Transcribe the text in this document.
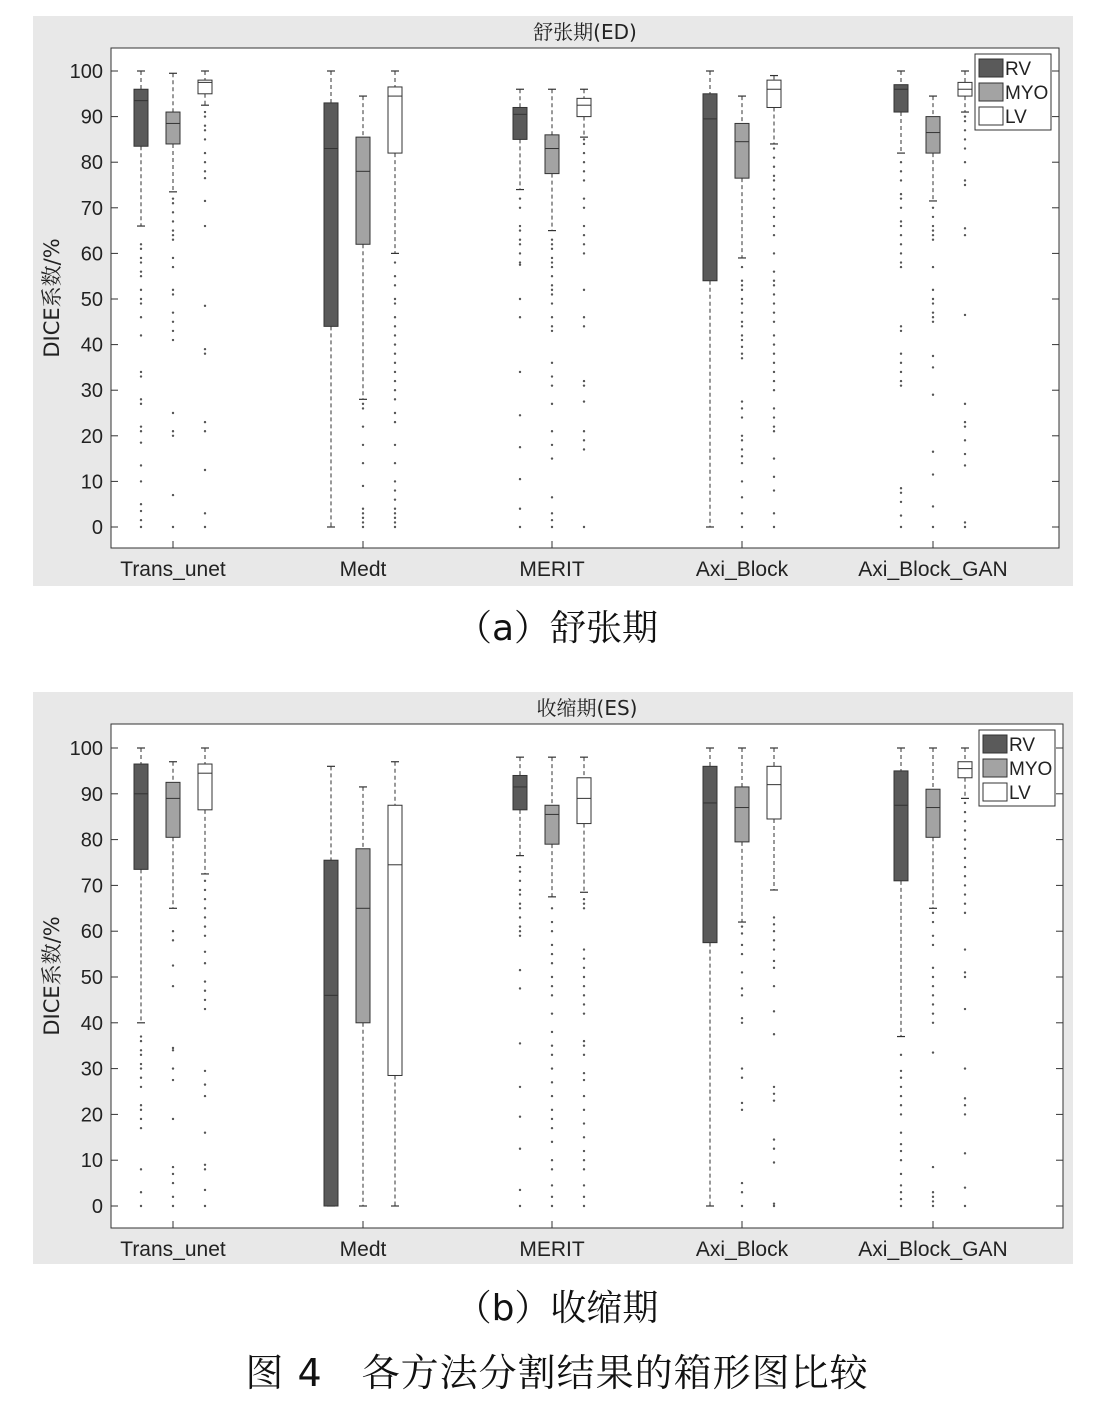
舒张期(ED)
0
10
20
30
40
50
60
70
80
90
100
DICE系数/%
Trans_unet	Medt	MERIT	Axi_Block	Axi_Block_GAN
RV
MYO
LV
（a）舒张期
收缩期(ES)
0
10
20
30
40
50
60
70
80
90
100
DICE系数/%
Trans_unet	Medt	MERIT	Axi_Block	Axi_Block_GAN
RV
MYO
LV
（b）收缩期
图 4　各方法分割结果的箱形图比较
